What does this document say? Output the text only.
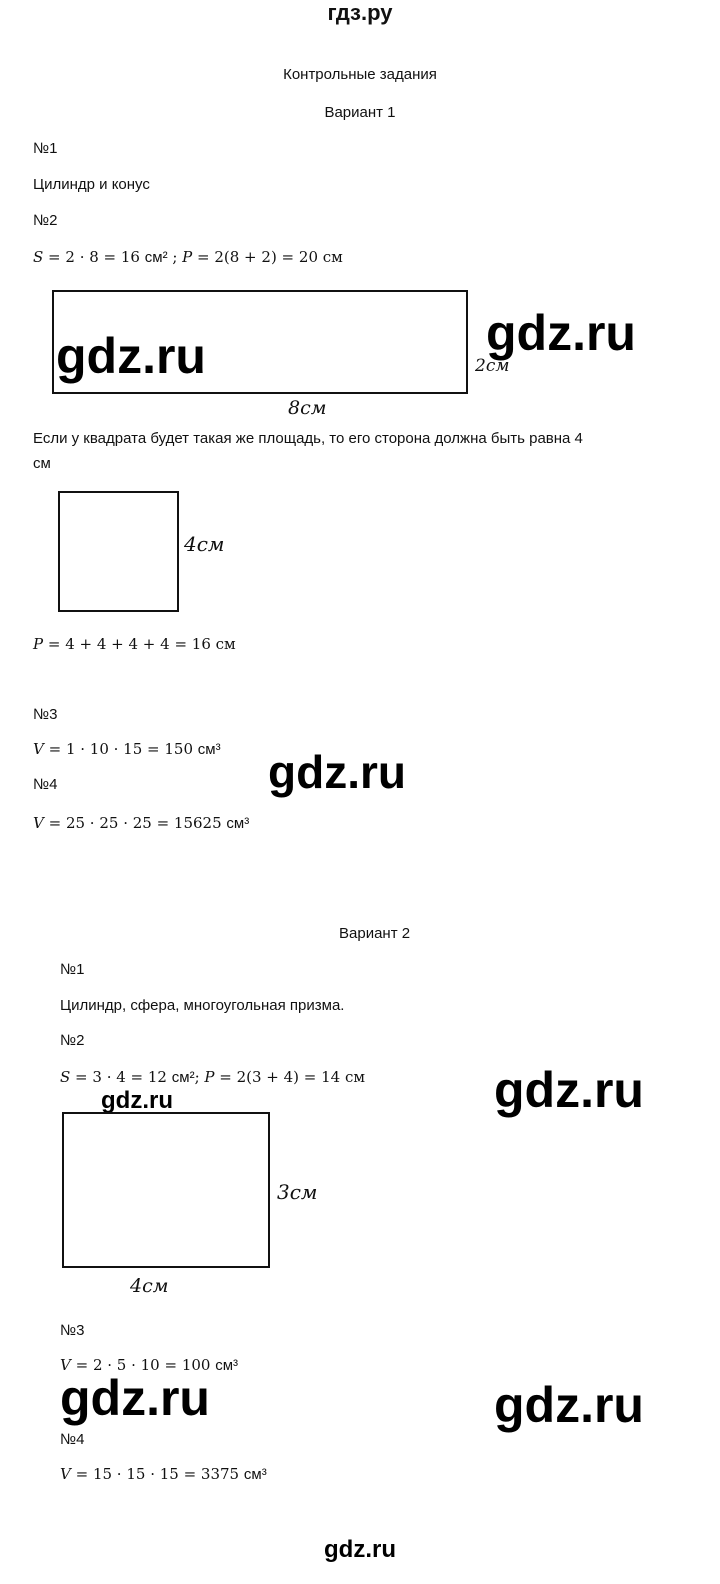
гдз.ру
Контрольные задания
Вариант 1
№1
Цилиндр и конус
№2
S = 2 · 8 = 16 см² ; P = 2(8 + 2) = 20 см
gdz.ru	gdz.ru
2см
8см
Если у квадрата будет такая же площадь, то его сторона должна быть равна 4
см
4см
P = 4 + 4 + 4 + 4 = 16 см
№3
V = 1 · 10 · 15 = 150 см³ gdz.ru
№4
V = 25 · 25 · 25 = 15625 см³
Вариант 2
№1
Цилиндр, сфера, многоугольная призма.
№2
S = 3 · 4 = 12 см²; P = 2(3 + 4) = 14 см	gdz.ru
gdz.ru
3см
4см
№3
V = 2 · 5 · 10 = 100 см³
gdz.ru	gdz.ru
№4
V = 15 · 15 · 15 = 3375 см³
gdz.ru
